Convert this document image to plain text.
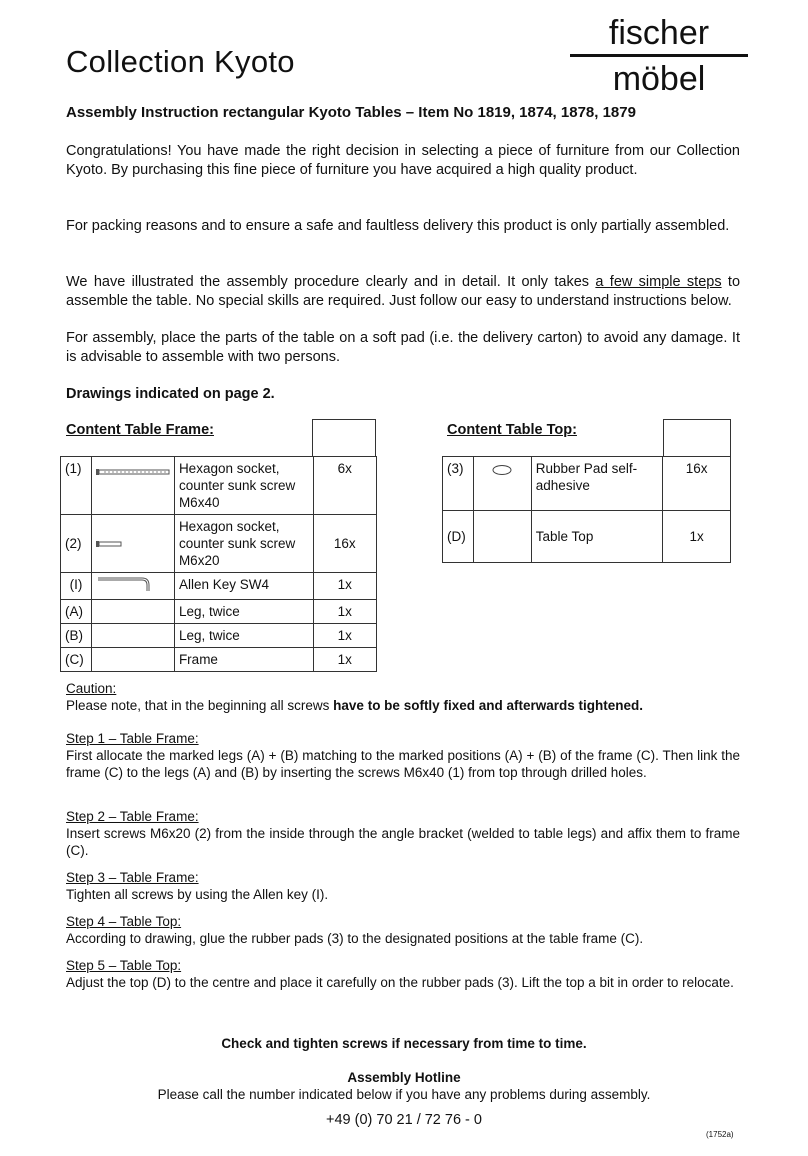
Collection Kyoto
fischer
möbel
Assembly Instruction rectangular Kyoto Tables – Item No 1819, 1874, 1878, 1879
Congratulations! You have made the right decision in selecting a piece of furniture from our Collection Kyoto. By purchasing this fine piece of furniture you have acquired a high quality product.
For packing reasons and to ensure a safe and faultless delivery this product is only partially assembled.
We have illustrated the assembly procedure clearly and in detail. It only takes a few simple steps to assemble the table. No special skills are required. Just follow our easy to understand instructions below.
For assembly, place the parts of the table on a soft pad (i.e. the delivery carton) to avoid any damage. It is advisable to assemble with two persons.
Drawings indicated on page 2.
Content Table Frame:
(1)		Hexagon socket, counter sunk screw M6x40	6x
(2)		Hexagon socket, counter sunk screw M6x20	16x
(I)		Allen Key SW4	1x
(A)		Leg, twice	1x
(B)		Leg, twice	1x
(C)		Frame	1x
Content Table Top:
(3)		Rubber Pad self-adhesive	16x
(D)		Table Top	1x
Caution:
Please note, that in the beginning all screws have to be softly fixed and afterwards tightened.
Step 1 – Table Frame:
First allocate the marked legs (A) + (B) matching to the marked positions (A) + (B) of the frame (C). Then link the frame (C) to the legs (A) and (B) by inserting the screws M6x40 (1) from top through drilled holes.
Step 2 – Table Frame:
Insert screws M6x20 (2) from the inside through the angle bracket (welded to table legs) and affix them to frame (C).
Step 3 – Table Frame:
Tighten all screws by using the Allen key (I).
Step 4 – Table Top:
According to drawing, glue the rubber pads (3) to the designated positions at the table frame (C).
Step 5 – Table Top:
Adjust the top (D) to the centre and place it carefully on the rubber pads (3). Lift the top a bit in order to relocate.
Check and tighten screws if necessary from time to time.
Assembly Hotline
Please call the number indicated below if you have any problems during assembly.
+49 (0) 70 21 / 72 76 - 0
(1752a)
